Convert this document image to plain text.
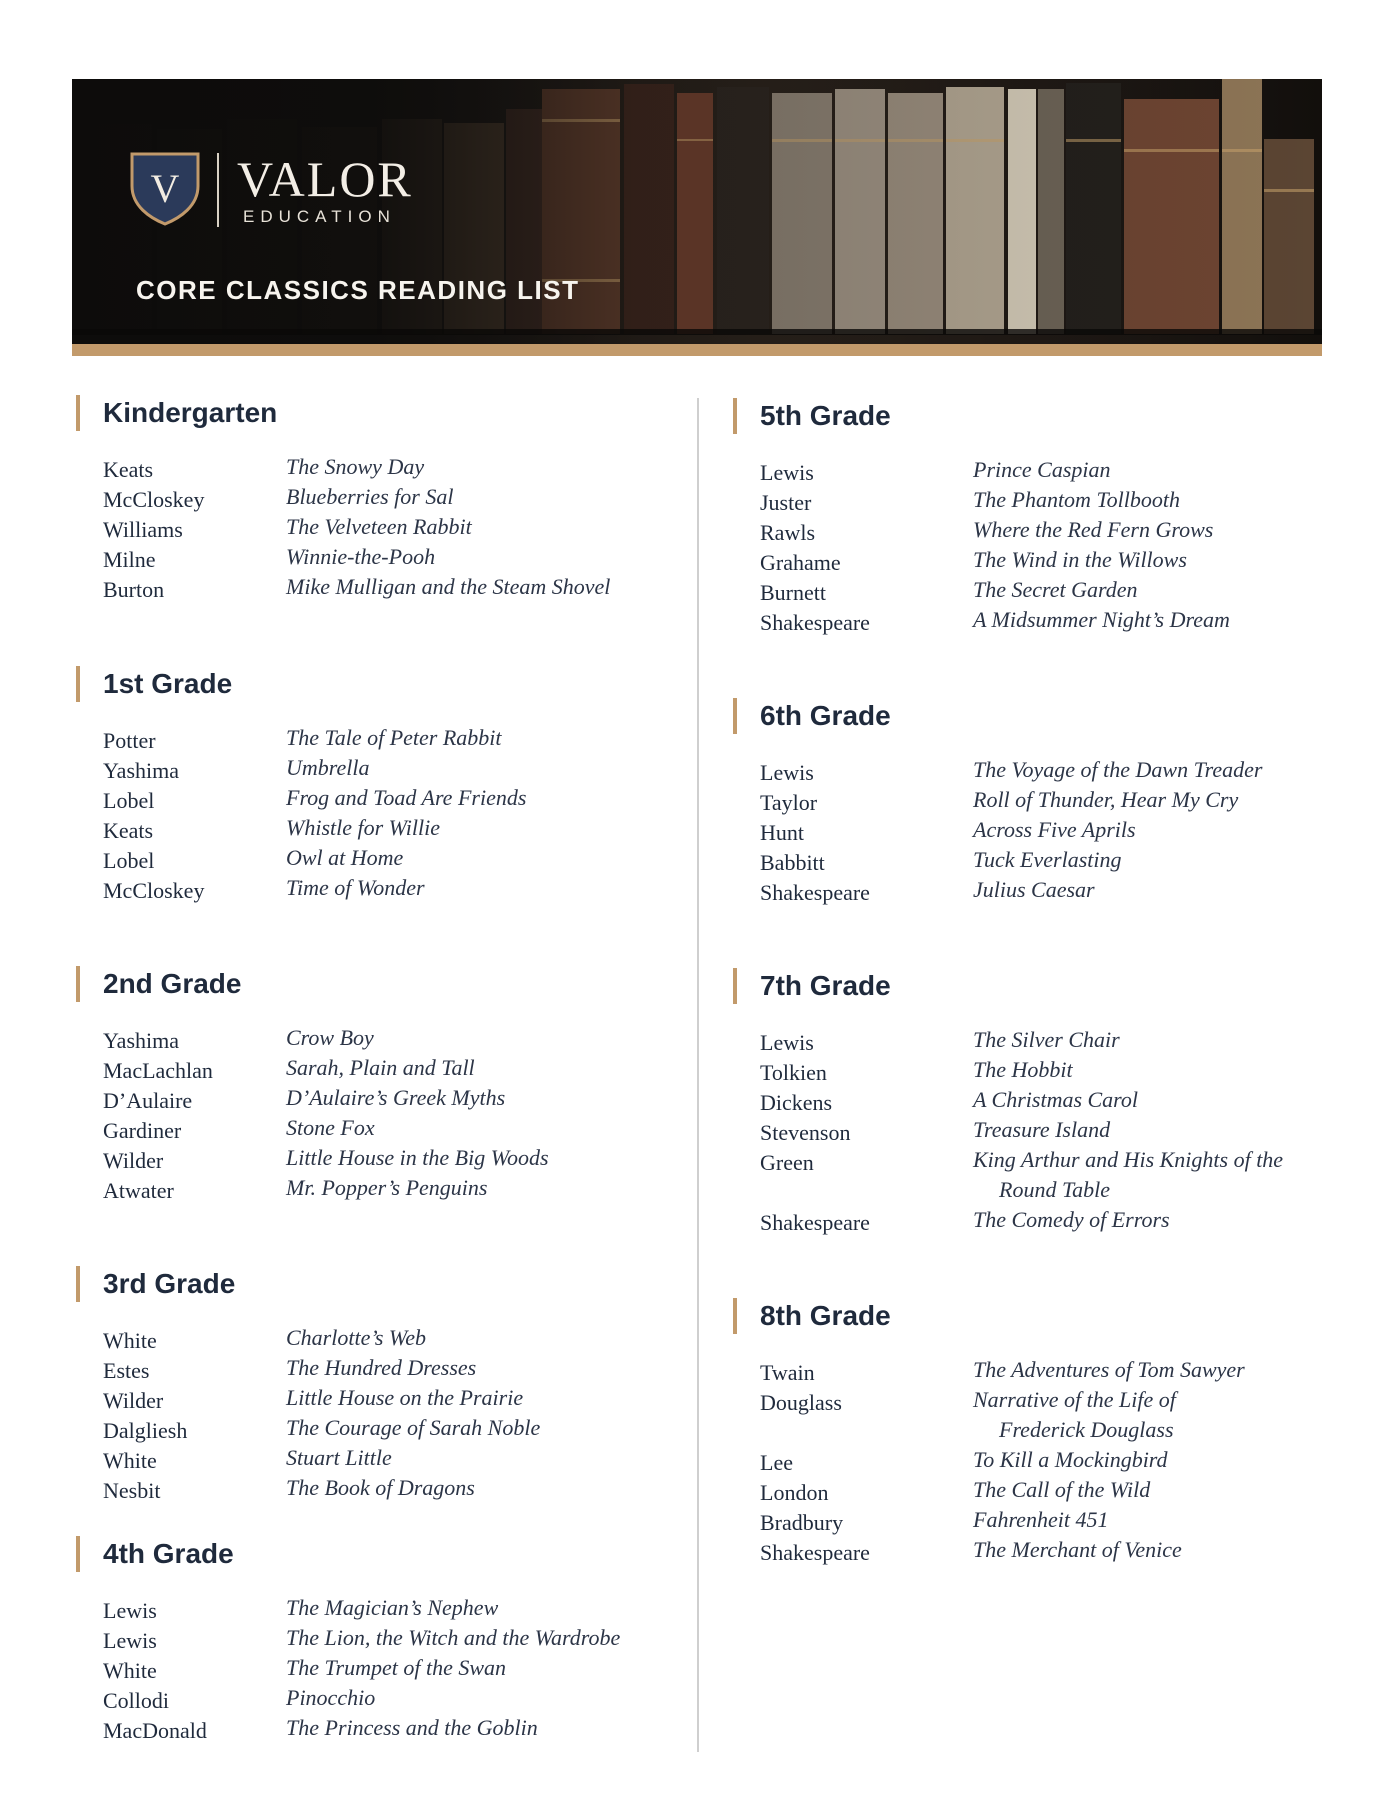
V VALOR
EDUCATION
CORE CLASSICS READING LIST
Kindergarten
Keats	The Snowy Day
McCloskey	Blueberries for Sal
Williams	The Velveteen Rabbit
Milne	Winnie-the-Pooh
Burton	Mike Mulligan and the Steam Shovel
1st Grade
Potter	The Tale of Peter Rabbit
Yashima	Umbrella
Lobel	Frog and Toad Are Friends
Keats	Whistle for Willie
Lobel	Owl at Home
McCloskey	Time of Wonder
2nd Grade
Yashima	Crow Boy
MacLachlan	Sarah, Plain and Tall
D’Aulaire	D’Aulaire’s Greek Myths
Gardiner	Stone Fox
Wilder	Little House in the Big Woods
Atwater	Mr. Popper’s Penguins
3rd Grade
White	Charlotte’s Web
Estes	The Hundred Dresses
Wilder	Little House on the Prairie
Dalgliesh	The Courage of Sarah Noble
White	Stuart Little
Nesbit	The Book of Dragons
4th Grade
Lewis	The Magician’s Nephew
Lewis	The Lion, the Witch and the Wardrobe
White	The Trumpet of the Swan
Collodi	Pinocchio
MacDonald	The Princess and the Goblin
5th Grade
Lewis	Prince Caspian
Juster	The Phantom Tollbooth
Rawls	Where the Red Fern Grows
Grahame	The Wind in the Willows
Burnett	The Secret Garden
Shakespeare	A Midsummer Night’s Dream
6th Grade
Lewis	The Voyage of the Dawn Treader
Taylor	Roll of Thunder, Hear My Cry
Hunt	Across Five Aprils
Babbitt	Tuck Everlasting
Shakespeare	Julius Caesar
7th Grade
Lewis	The Silver Chair
Tolkien	The Hobbit
Dickens	A Christmas Carol
Stevenson	Treasure Island
Green	King Arthur and His Knights of the
Round Table
Shakespeare	The Comedy of Errors
8th Grade
Twain	The Adventures of Tom Sawyer
Douglass	Narrative of the Life of
Frederick Douglass
Lee	To Kill a Mockingbird
London	The Call of the Wild
Bradbury	Fahrenheit 451
Shakespeare	The Merchant of Venice
